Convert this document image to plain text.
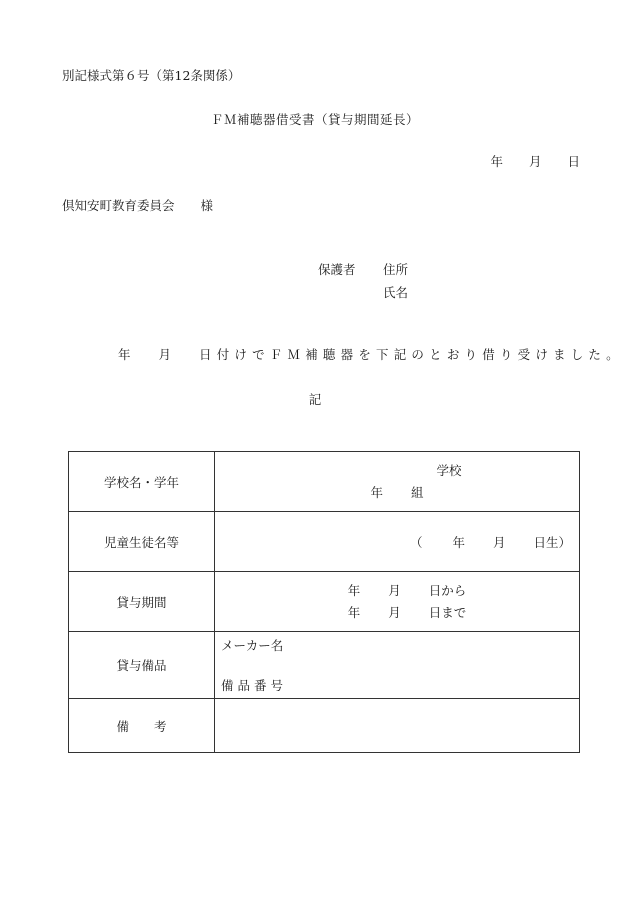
別記様式第６号（第12条関係）
ＦＭ補聴器借受書（貸与期間延長）
年 月 日
倶知安町教育委員会 様
保護者 住所
氏名
年 月 日付けでＦＭ補聴器を下記のとおり借り受けました。
記
学校名・学年	学校
年 組

児童生徒名等	（ 年 月 日生）

貸与期間	年 月 日から
年 月 日まで

貸与備品	メーカー名
備品番号

備　　考	
